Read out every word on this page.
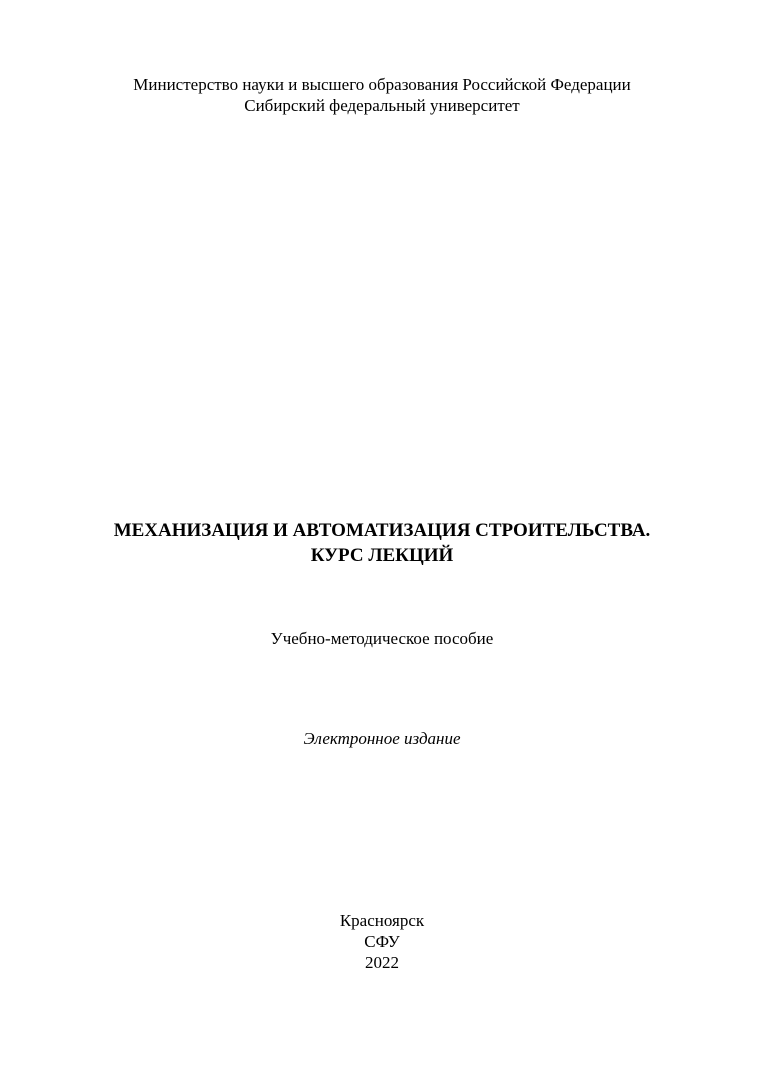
Министерство науки и высшего образования Российской Федерации
Сибирский федеральный университет
МЕХАНИЗАЦИЯ И АВТОМАТИЗАЦИЯ СТРОИТЕЛЬСТВА.
КУРС ЛЕКЦИЙ
Учебно-методическое пособие
Электронное издание
Красноярск
СФУ
2022
